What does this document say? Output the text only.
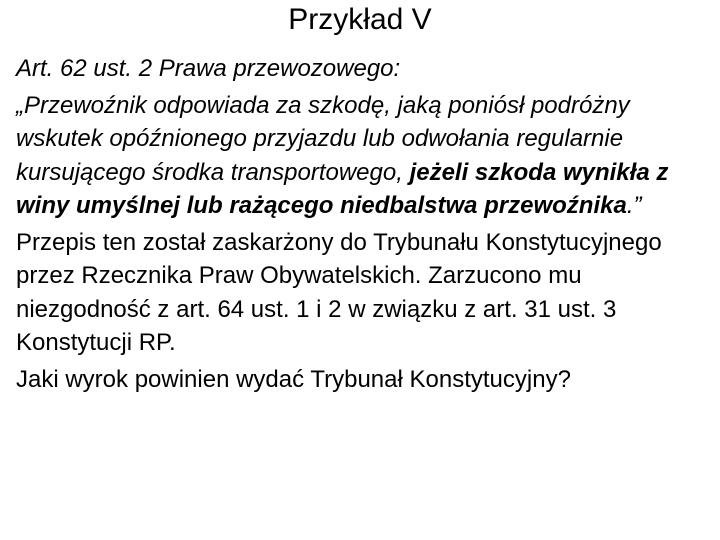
Przykład V

Art. 62 ust. 2 Prawa przewozowego:

„Przewoźnik odpowiada za szkodę, jaką poniósł podróżny wskutek opóźnionego przyjazdu lub odwołania regularnie kursującego środka transportowego, jeżeli szkoda wynikła z winy umyślnej lub rażącego niedbalstwa przewoźnika.”

Przepis ten został zaskarżony do Trybunału Konstytucyjnego przez Rzecznika Praw Obywatelskich. Zarzucono mu niezgodność z art. 64 ust. 1 i 2 w związku z art. 31 ust. 3 Konstytucji RP.

Jaki wyrok powinien wydać Trybunał Konstytucyjny?
